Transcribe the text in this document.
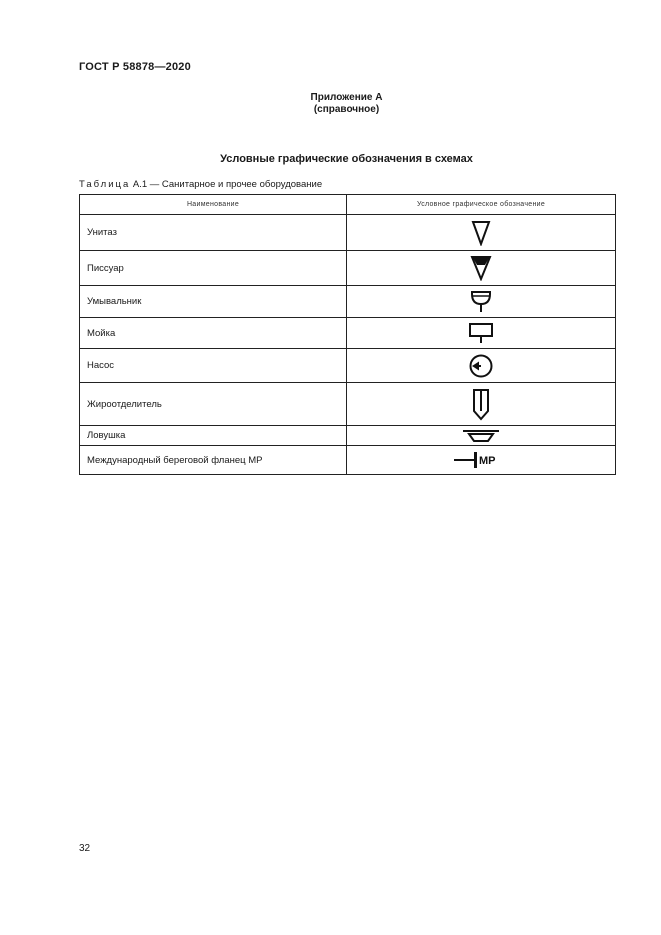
ГОСТ Р 58878—2020
Приложение А
(справочное)
Условные графические обозначения в схемах
Таблица А.1 — Санитарное и прочее оборудование
Наименование	Условное графическое обозначение
Унитаз	

Писсуар	

Умывальник	

Мойка	

Насос	

Жироотделитель	

Ловушка	

Международный береговой фланец МР	MP
32
